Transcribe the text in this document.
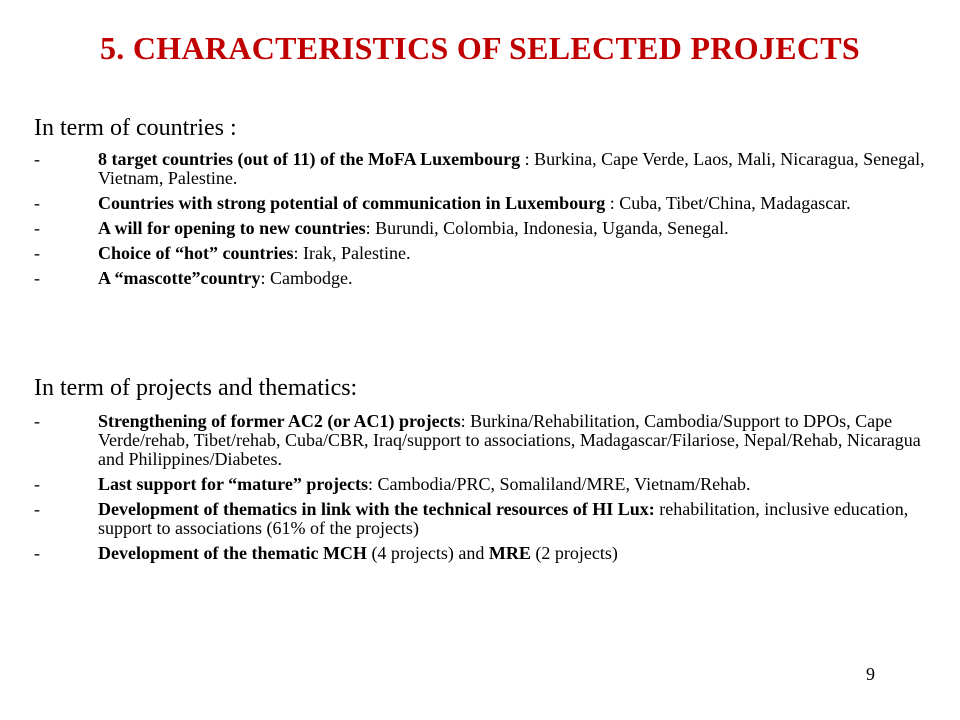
5. CHARACTERISTICS OF SELECTED PROJECTS
In term of countries :
-	8 target countries (out of 11) of the MoFA Luxembourg : Burkina, Cape Verde, Laos, Mali, Nicaragua, Senegal, Vietnam, Palestine.
-	Countries with strong potential of communication in Luxembourg : Cuba, Tibet/China, Madagascar.
-	A will for opening to new countries: Burundi, Colombia, Indonesia, Uganda, Senegal.
-	Choice of “hot” countries: Irak, Palestine.
-	A “mascotte”country: Cambodge.
In term of projects and thematics:
-	Strengthening of former AC2 (or AC1) projects: Burkina/Rehabilitation, Cambodia/Support to DPOs, Cape Verde/rehab, Tibet/rehab, Cuba/CBR, Iraq/support to associations, Madagascar/Filariose, Nepal/Rehab, Nicaragua and Philippines/Diabetes.
-	Last support for “mature” projects: Cambodia/PRC, Somaliland/MRE, Vietnam/Rehab.
-	Development of thematics in link with the technical resources of HI Lux: rehabilitation, inclusive education, support to associations (61% of the projects)
-	Development of the thematic MCH (4 projects) and MRE (2 projects)
9
